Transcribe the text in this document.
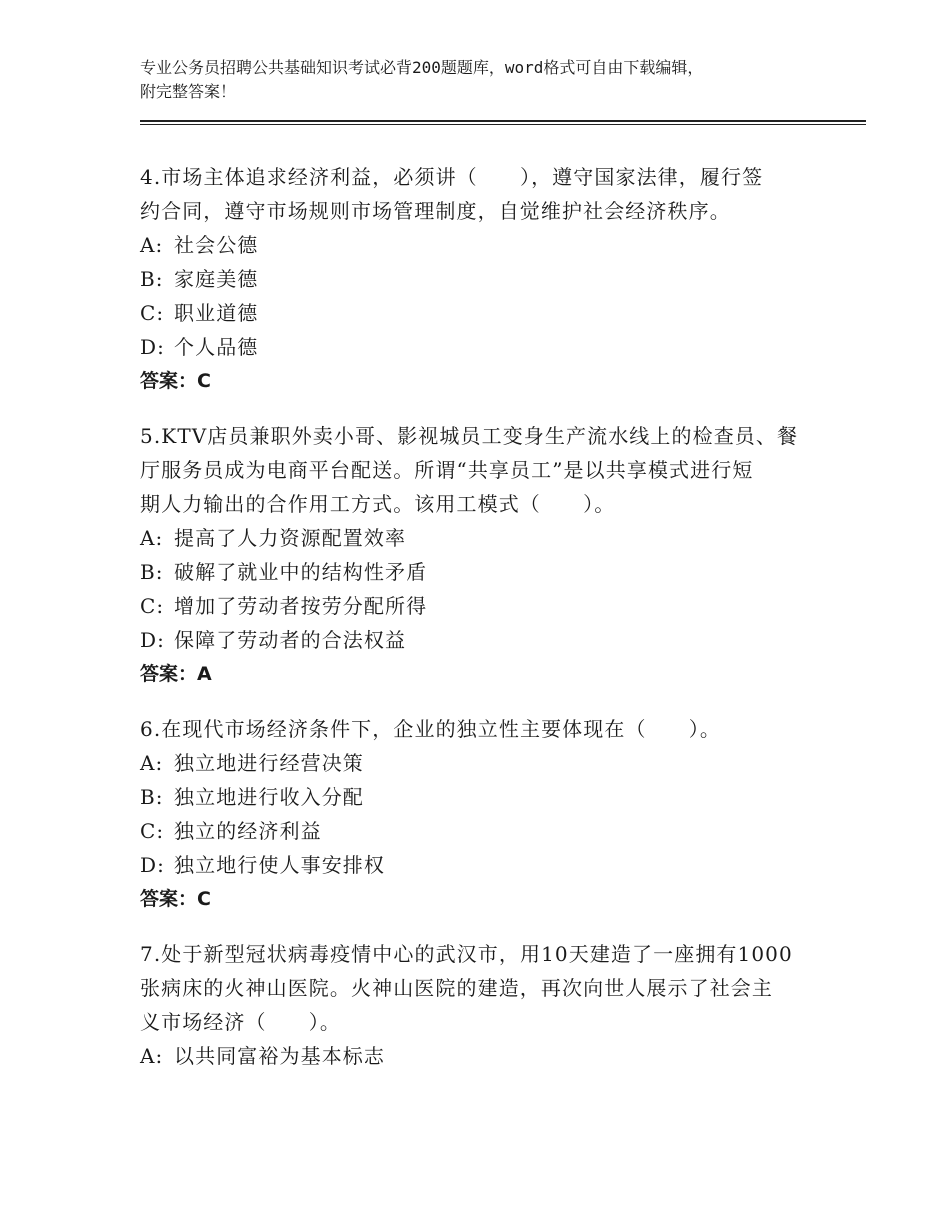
专业公务员招聘公共基础知识考试必背200题题库，word格式可自由下载编辑，
附完整答案！
4.市场主体追求经济利益，必须讲（　　），遵守国家法律，履行签
约合同，遵守市场规则市场管理制度，自觉维护社会经济秩序。
A: 社会公德
B: 家庭美德
C: 职业道德
D: 个人品德
答案：C
5.KTV店员兼职外卖小哥、影视城员工变身生产流水线上的检查员、餐
厅服务员成为电商平台配送。所谓“共享员工”是以共享模式进行短
期人力输出的合作用工方式。该用工模式（　　）。
A: 提高了人力资源配置效率
B: 破解了就业中的结构性矛盾
C: 增加了劳动者按劳分配所得
D: 保障了劳动者的合法权益
答案：A
6.在现代市场经济条件下，企业的独立性主要体现在（　　）。
A: 独立地进行经营决策
B: 独立地进行收入分配
C: 独立的经济利益
D: 独立地行使人事安排权
答案：C
7.处于新型冠状病毒疫情中心的武汉市，用10天建造了一座拥有1000
张病床的火神山医院。火神山医院的建造，再次向世人展示了社会主
义市场经济（　　）。
A: 以共同富裕为基本标志
